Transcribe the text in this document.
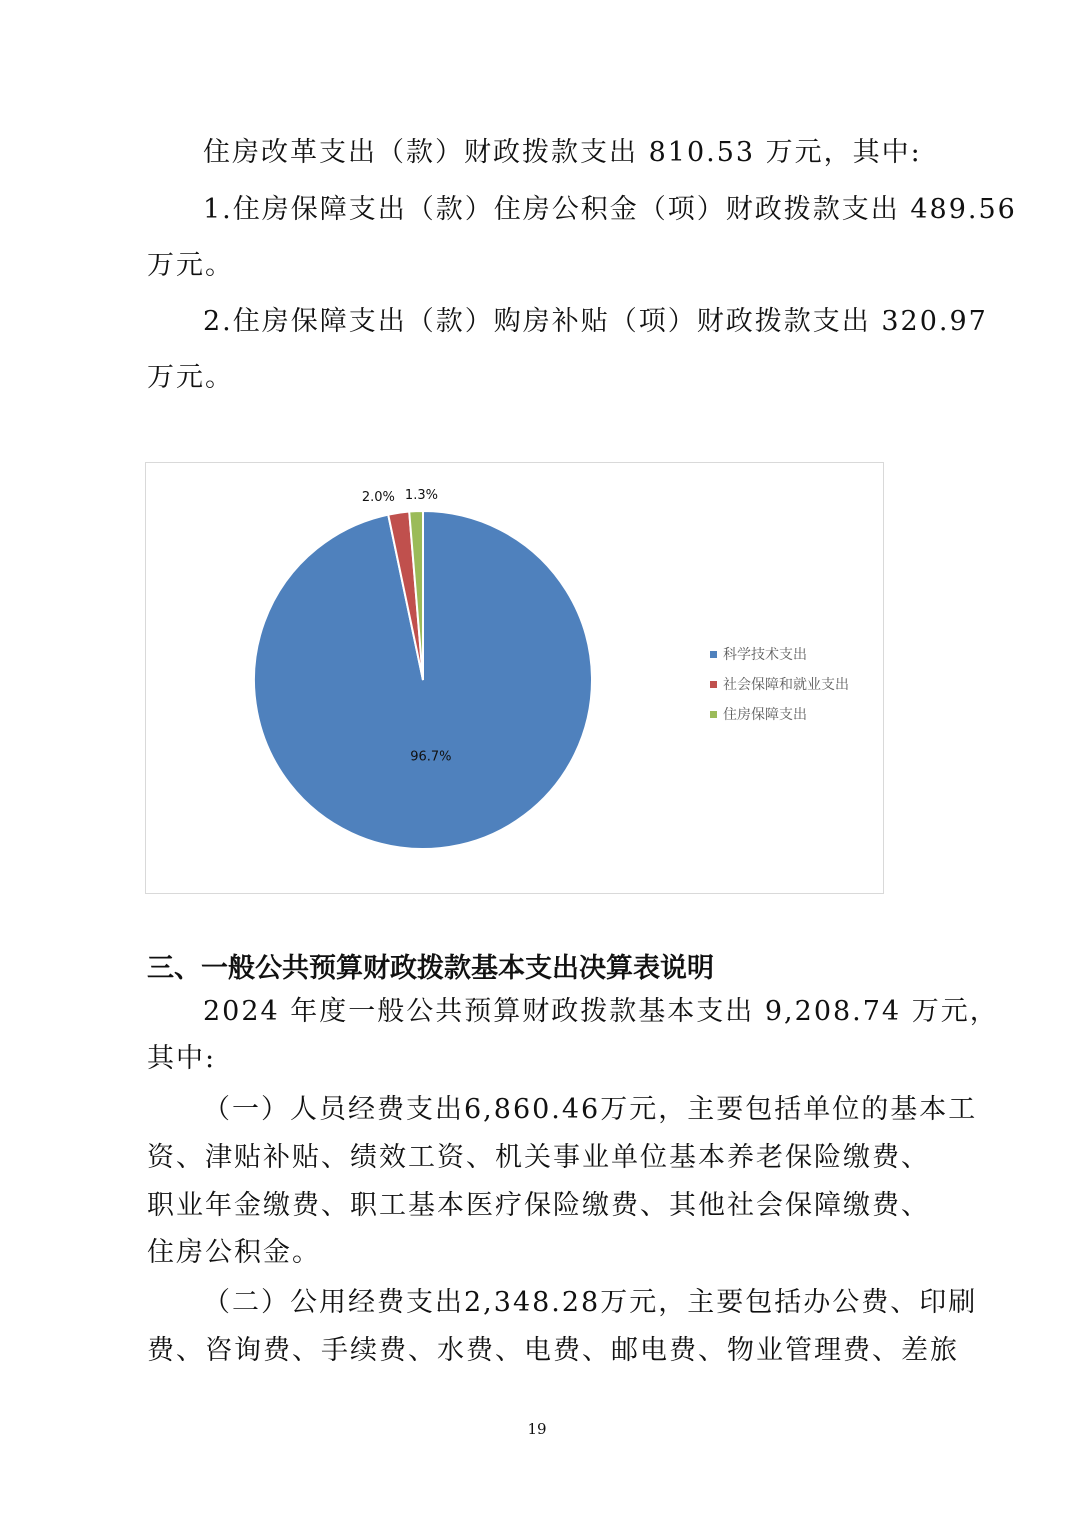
住房改革支出（款）财政拨款支出 810.53 万元，其中:
1.住房保障支出（款）住房公积金（项）财政拨款支出 489.56
万元。
2.住房保障支出（款）购房补贴（项）财政拨款支出 320.97
万元。
96.7%
2.0% 1.3%
科学技术支出
社会保障和就业支出
住房保障支出
三、一般公共预算财政拨款基本支出决算表说明
2024 年度一般公共预算财政拨款基本支出 9,208.74 万元，
其中:
（一）人员经费支出6,860.46万元，主要包括单位的基本工
资、津贴补贴、绩效工资、机关事业单位基本养老保险缴费、
职业年金缴费、职工基本医疗保险缴费、其他社会保障缴费、
住房公积金。
（二）公用经费支出2,348.28万元，主要包括办公费、印刷
费、咨询费、手续费、水费、电费、邮电费、物业管理费、差旅
19
